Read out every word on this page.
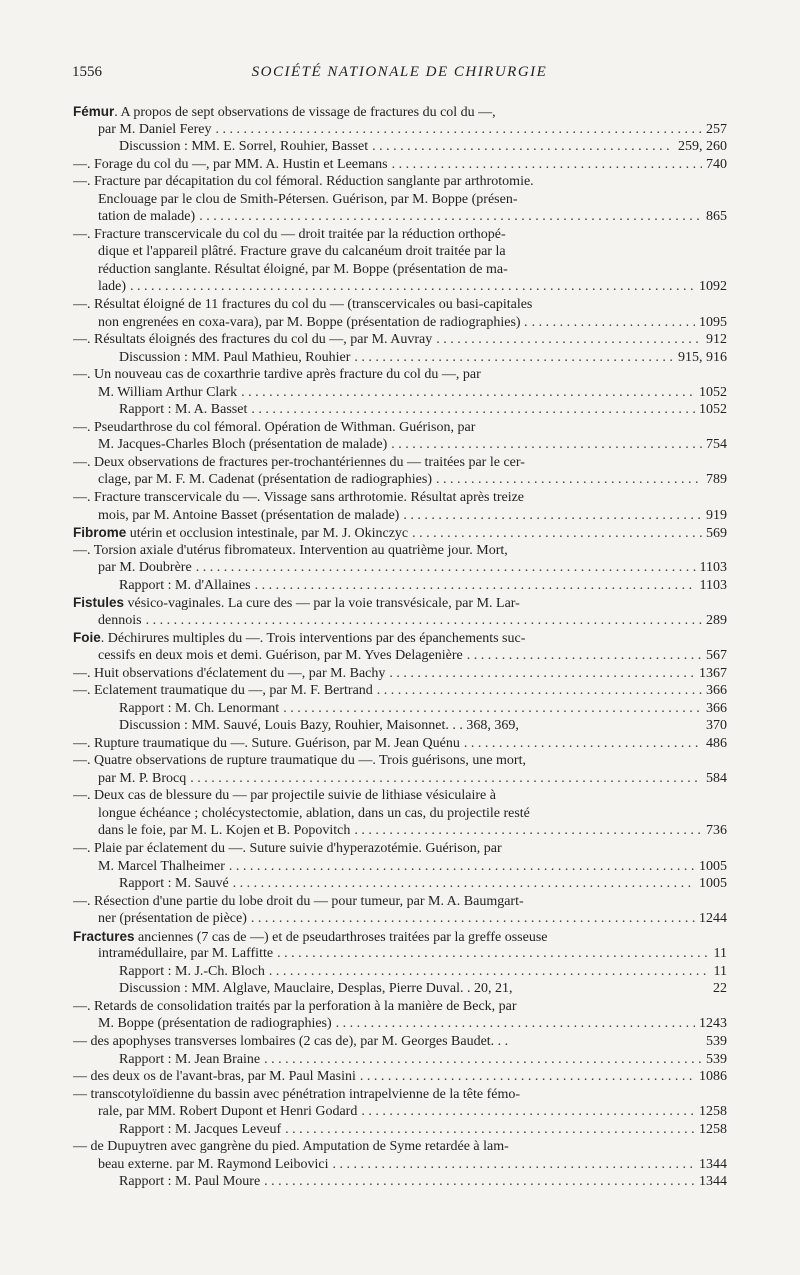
1556	SOCIÉTÉ NATIONALE DE CHIRURGIE
Fémur. A propos de sept observations de vissage de fractures du col du —,
par M. Daniel Ferey . . .	257
Discussion : MM. E. Sorrel, Rouhier, Basset . . .	259, 260
—. Forage du col du —, par MM. A. Hustin et Leemans . . .	740
—. Fracture par décapitation du col fémoral. Réduction sanglante par arthrotomie.
Enclouage par le clou de Smith-Pétersen. Guérison, par M. Boppe (présen-
tation de malade) . . .	865
—. Fracture transcervicale du col du — droit traitée par la réduction orthopé-
dique et l'appareil plâtré. Fracture grave du calcanéum droit traitée par la
réduction sanglante. Résultat éloigné, par M. Boppe (présentation de ma-
lade) . . .	1092
—. Résultat éloigné de 11 fractures du col du — (transcervicales ou basi-capitales
non engrenées en coxa-vara), par M. Boppe (présentation de radiographies) . . . .	1095
—. Résultats éloignés des fractures du col du —, par M. Auvray . . .	912
Discussion : MM. Paul Mathieu, Rouhier . . .	915, 916
—. Un nouveau cas de coxarthrie tardive après fracture du col du —, par
M. William Arthur Clark . . .	1052
Rapport : M. A. Basset . . .	1052
—. Pseudarthrose du col fémoral. Opération de Withman. Guérison, par
M. Jacques-Charles Bloch (présentation de malade) . . .	754
—. Deux observations de fractures per-trochantériennes du — traitées par le cer-
clage, par M. F. M. Cadenat (présentation de radiographies) . . .	789
—. Fracture transcervicale du —. Vissage sans arthrotomie. Résultat après treize
mois, par M. Antoine Basset (présentation de malade) . . .	919
Fibrome utérin et occlusion intestinale, par M. J. Okinczyc . . .	569
—. Torsion axiale d'utérus fibromateux. Intervention au quatrième jour. Mort,
par M. Doubrère . . .	1103
Rapport : M. d'Allaines . . .	1103
Fistules vésico-vaginales. La cure des — par la voie transvésicale, par M. Lar-
dennois . . .	289
Foie. Déchirures multiples du —. Trois interventions par des épanchements suc-
cessifs en deux mois et demi. Guérison, par M. Yves Delagenière . . .	567
—. Huit observations d'éclatement du —, par M. Bachy . . .	1367
—. Eclatement traumatique du —, par M. F. Bertrand . . .	366
Rapport : M. Ch. Lenormant . . .	366
Discussion : MM. Sauvé, Louis Bazy, Rouhier, Maisonnet. . . 368, 369,	370
—. Rupture traumatique du —. Suture. Guérison, par M. Jean Quénu . . .	486
—. Quatre observations de rupture traumatique du —. Trois guérisons, une mort,
par M. P. Brocq . . .	584
—. Deux cas de blessure du — par projectile suivie de lithiase vésiculaire à
longue échéance ; cholécystectomie, ablation, dans un cas, du projectile resté
dans le foie, par M. L. Kojen et B. Popovitch . . .	736
—. Plaie par éclatement du —. Suture suivie d'hyperazotémie. Guérison, par
M. Marcel Thalheimer . . .	1005
Rapport : M. Sauvé . . .	1005
—. Résection d'une partie du lobe droit du — pour tumeur, par M. A. Baumgart-
ner (présentation de pièce) . . .	1244
Fractures anciennes (7 cas de —) et de pseudarthroses traitées par la greffe osseuse
intramédullaire, par M. Laffitte . . .	11
Rapport : M. J.-Ch. Bloch . . .	11
Discussion : MM. Alglave, Mauclaire, Desplas, Pierre Duval. . 20, 21,	22
—. Retards de consolidation traités par la perforation à la manière de Beck, par
M. Boppe (présentation de radiographies) . . .	1243
— des apophyses transverses lombaires (2 cas de), par M. Georges Baudet. . .	539
Rapport : M. Jean Braine . . .	539
— des deux os de l'avant-bras, par M. Paul Masini . . .	1086
— transcotyloïdienne du bassin avec pénétration intrapelvienne de la tête fémo-
rale, par MM. Robert Dupont et Henri Godard . . .	1258
Rapport : M. Jacques Leveuf . . .	1258
— de Dupuytren avec gangrène du pied. Amputation de Syme retardée à lam-
beau externe. par M. Raymond Leibovici . . .	1344
Rapport : M. Paul Moure . . .	1344
